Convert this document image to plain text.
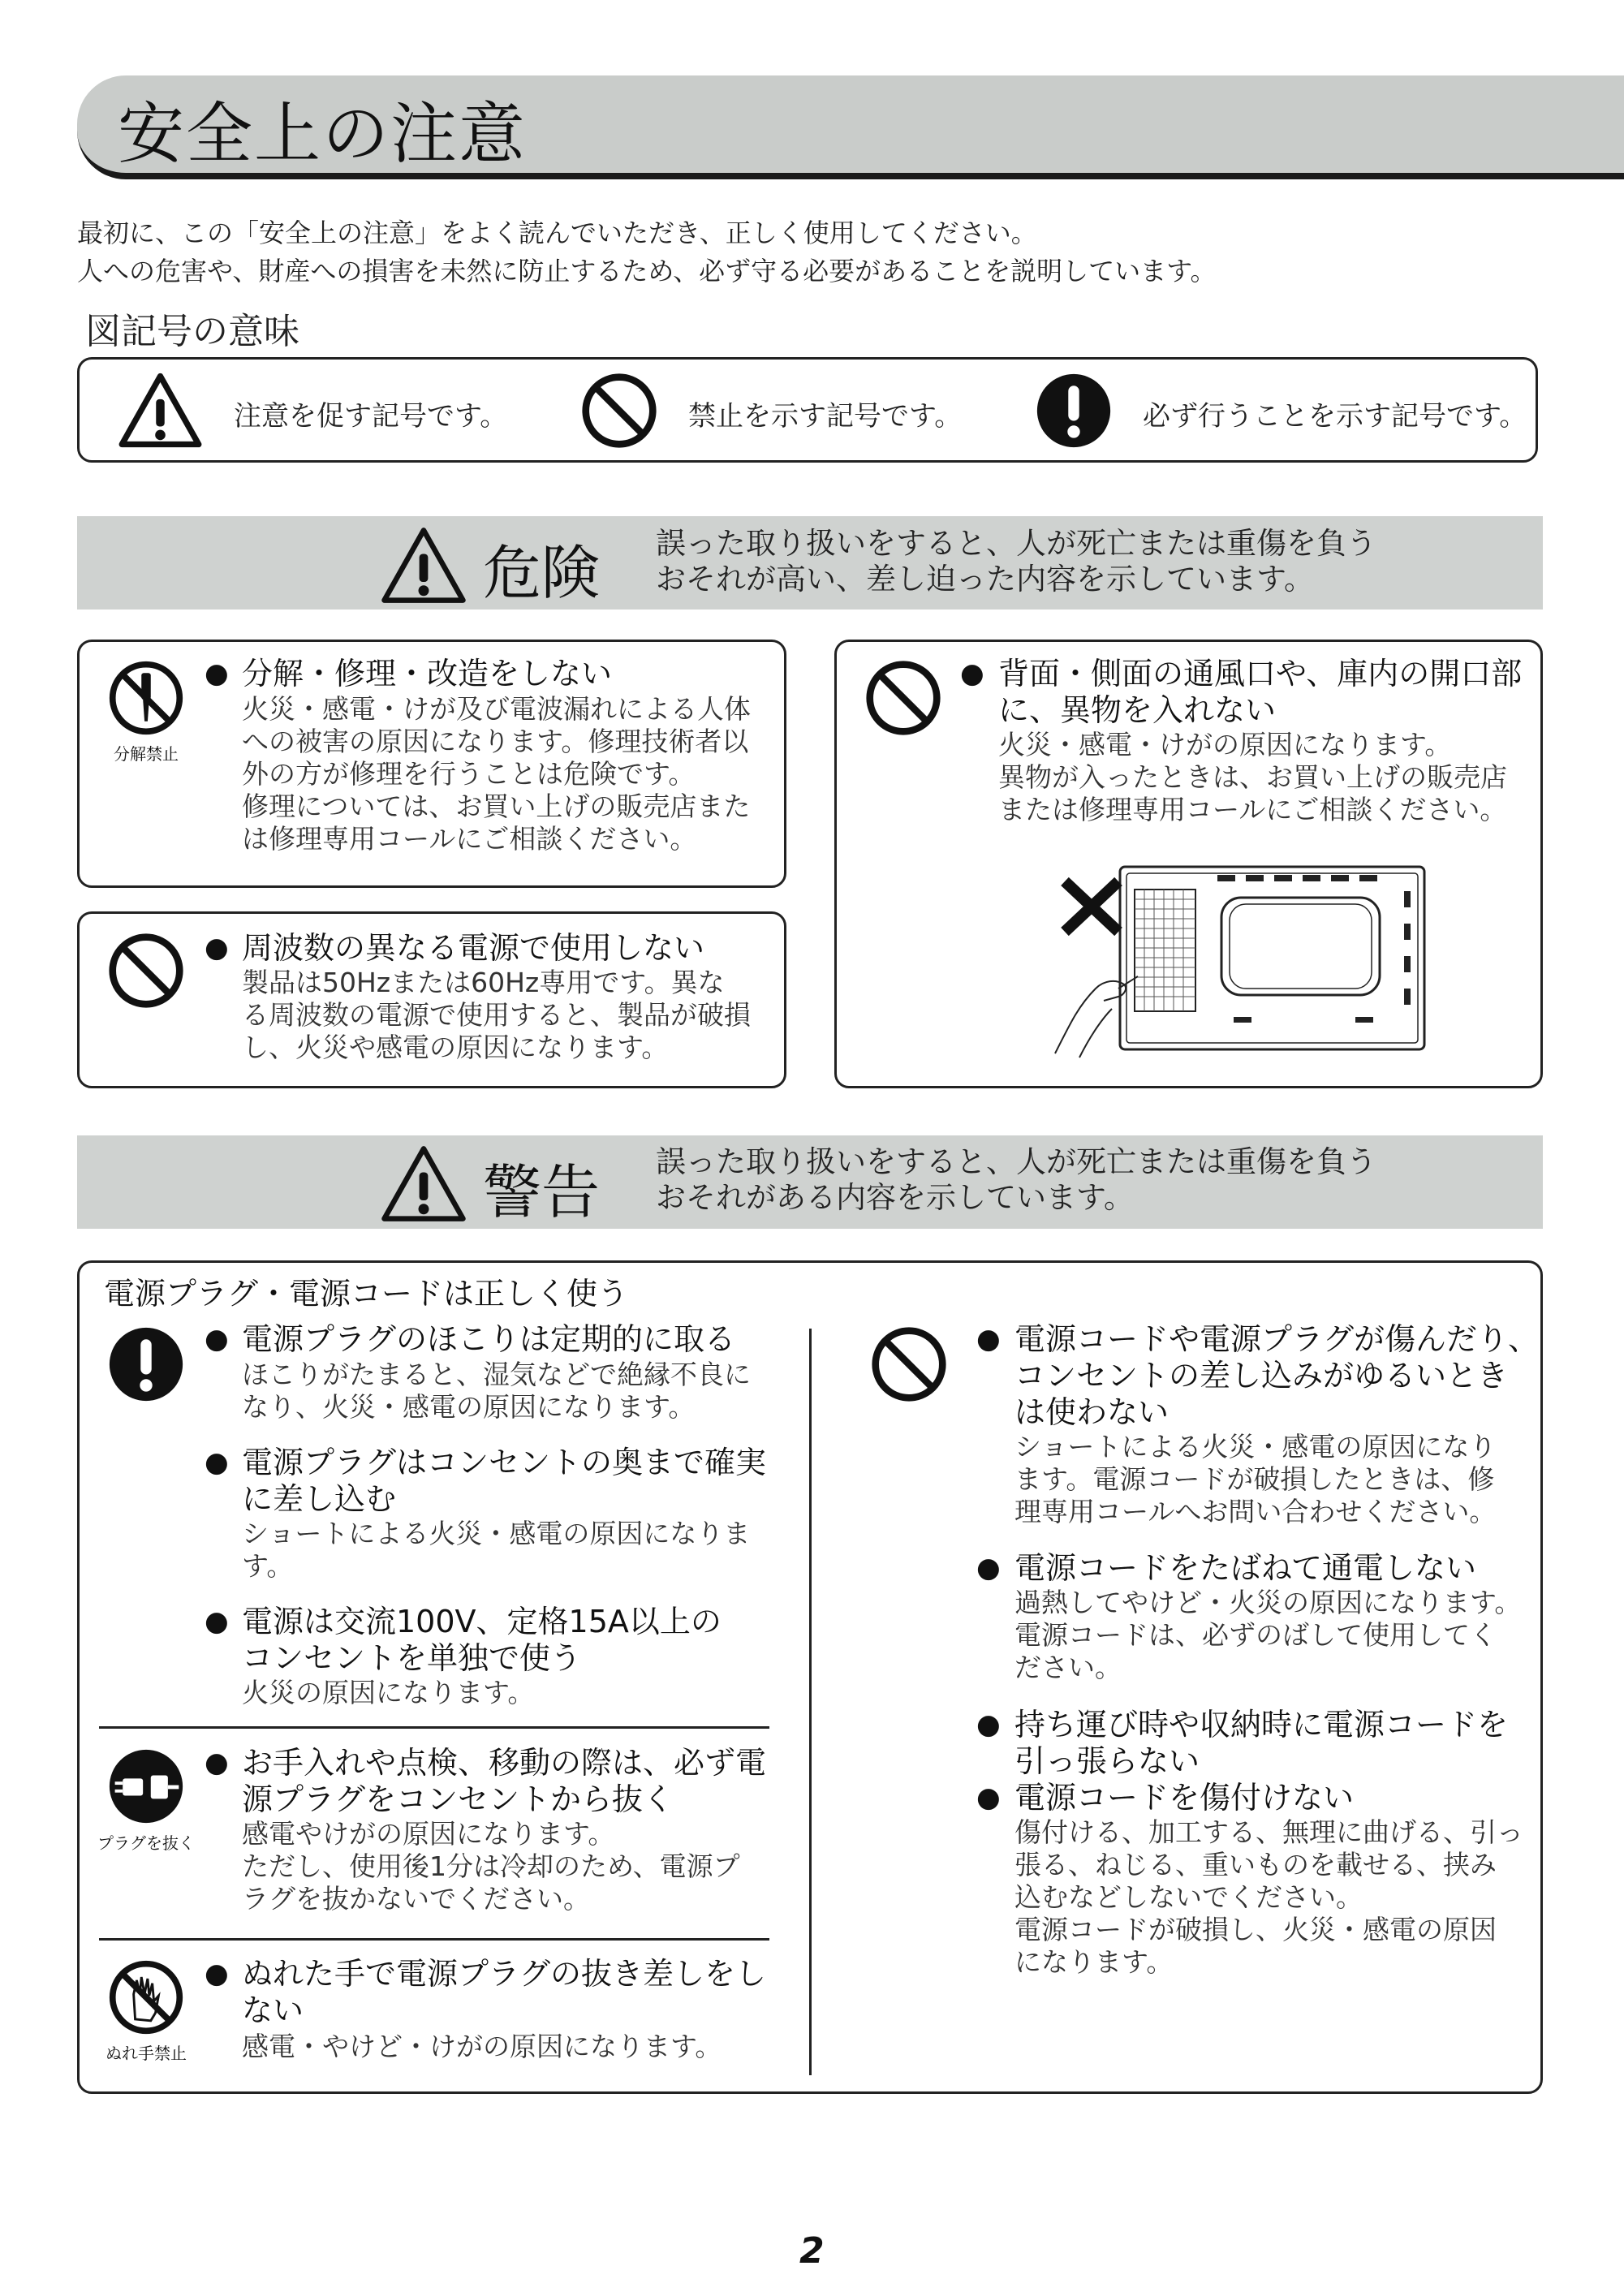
安全上の注意
最初に、この「安全上の注意」をよく読んでいただき、正しく使用してください。
人への危害や、財産への損害を未然に防止するため、必ず守る必要があることを説明しています。
図記号の意味
注意を促す記号です。	禁止を示す記号です。	必ず行うことを示す記号です。
危険 誤った取り扱いをすると、人が死亡または重傷を負う
おそれが高い、差し迫った内容を示しています。
分解禁止
● 分解・修理・改造をしない
火災・感電・けが及び電波漏れによる人体
への被害の原因になります。修理技術者以
外の方が修理を行うことは危険です。
修理については、お買い上げの販売店また
は修理専用コールにご相談ください。
● 周波数の異なる電源で使用しない
製品は50Hzまたは60Hz専用です。異な
る周波数の電源で使用すると、製品が破損
し、火災や感電の原因になります。
● 背面・側面の通風口や、庫内の開口部
に、異物を入れない
火災・感電・けがの原因になります。
異物が入ったときは、お買い上げの販売店
または修理専用コールにご相談ください。
警告 誤った取り扱いをすると、人が死亡または重傷を負う
おそれがある内容を示しています。
電源プラグ・電源コードは正しく使う
● 電源プラグのほこりは定期的に取る
ほこりがたまると、湿気などで絶縁不良に
なり、火災・感電の原因になります。
● 電源プラグはコンセントの奥まで確実
に差し込む
ショートによる火災・感電の原因になりま
す。
● 電源は交流100V、定格15A以上の
コンセントを単独で使う
火災の原因になります。
プラグを抜く
● お手入れや点検、移動の際は、必ず電
源プラグをコンセントから抜く
感電やけがの原因になります。
ただし、使用後1分は冷却のため、電源プ
ラグを抜かないでください。
ぬれ手禁止
● ぬれた手で電源プラグの抜き差しをし
ない
感電・やけど・けがの原因になります。
● 電源コードや電源プラグが傷んだり、
コンセントの差し込みがゆるいとき
は使わない
ショートによる火災・感電の原因になり
ます。電源コードが破損したときは、修
理専用コールへお問い合わせください。
● 電源コードをたばねて通電しない
過熱してやけど・火災の原因になります。
電源コードは、必ずのばして使用してく
ださい。
● 持ち運び時や収納時に電源コードを
引っ張らない
● 電源コードを傷付けない
傷付ける、加工する、無理に曲げる、引っ
張る、ねじる、重いものを載せる、挟み
込むなどしないでください。
電源コードが破損し、火災・感電の原因
になります。
2
